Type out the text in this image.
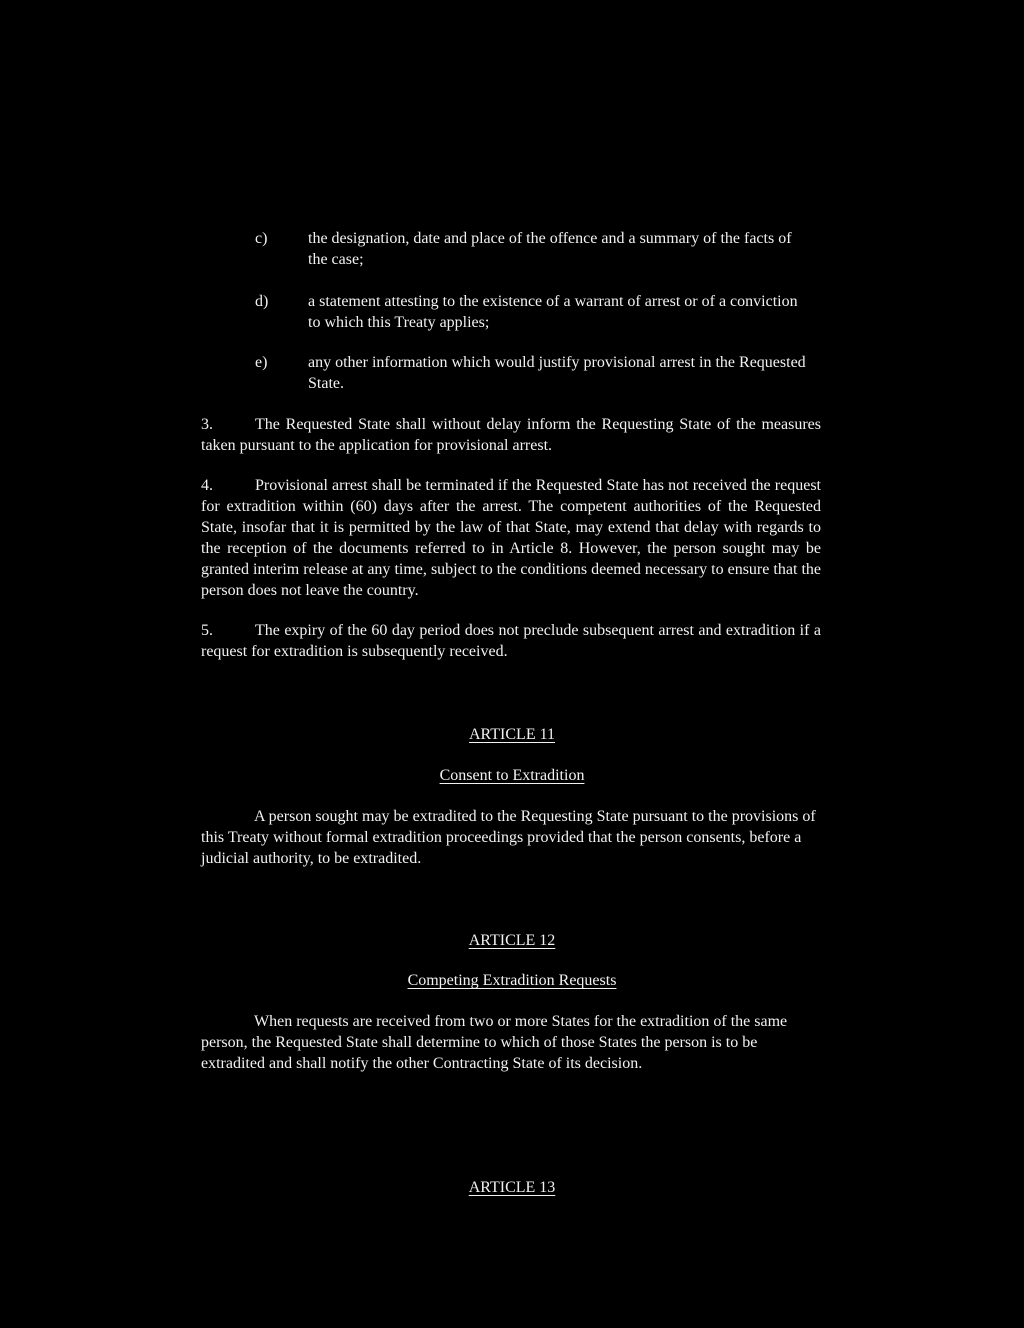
c)	the designation, date and place of the offence and a summary of the facts of the case;
d) a statement attesting to the existence of a warrant of arrest or of a conviction to which this Treaty applies;
e)	any other information which would justify provisional arrest in the Requested State.
3.	The Requested State shall without delay inform the Requesting State of the measures taken pursuant to the application for provisional arrest.
4.	Provisional arrest shall be terminated if the Requested State has not received the request for extradition within (60) days after the arrest. The competent authorities of the Requested State, insofar that it is permitted by the law of that State, may extend that delay with regards to the reception of the documents referred to in Article 8. However, the person sought may be granted interim release at any time, subject to the conditions deemed necessary to ensure that the person does not leave the country.
5.	The expiry of the 60 day period does not preclude subsequent arrest and extradition if a request for extradition is subsequently received.
ARTICLE 11
Consent to Extradition
A person sought may be extradited to the Requesting State pursuant to the provisions of this Treaty without formal extradition proceedings provided that the person consents, before a judicial authority, to be extradited.
ARTICLE 12
Competing Extradition Requests
When requests are received from two or more States for the extradition of the same person, the Requested State shall determine to which of those States the person is to be extradited and shall notify the other Contracting State of its decision.
ARTICLE 13
